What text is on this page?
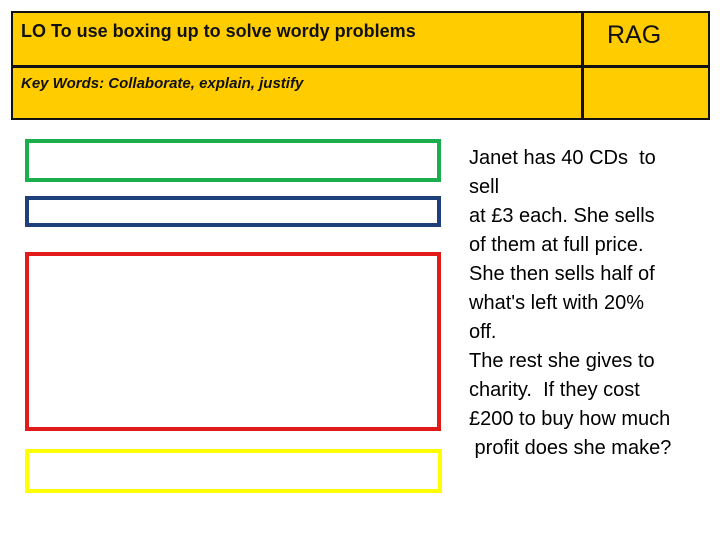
LO To use boxing up to solve wordy problems
Key Words: Collaborate, explain, justify
RAG
Janet has 40 CDs  to
sell
at £3 each. She sells
of them at full price.
She then sells half of
what's left with 20%
off.
The rest she gives to
charity.  If they cost
£200 to buy how much
profit does she make?
